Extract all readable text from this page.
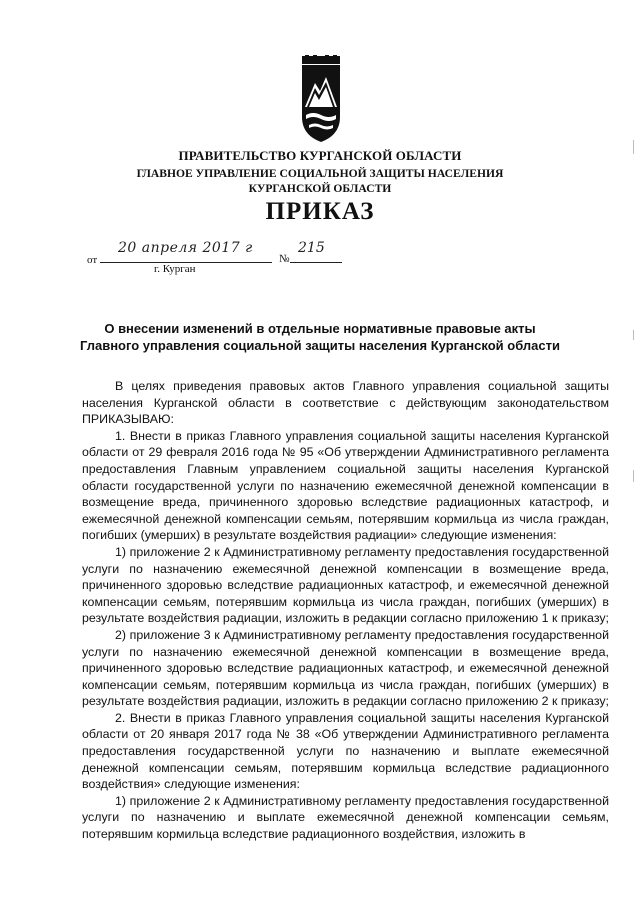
ПРАВИТЕЛЬСТВО КУРГАНСКОЙ ОБЛАСТИ
ГЛАВНОЕ УПРАВЛЕНИЕ СОЦИАЛЬНОЙ ЗАЩИТЫ НАСЕЛЕНИЯ
КУРГАНСКОЙ ОБЛАСТИ
ПРИКАЗ
от
20 апреля 2017 г
№
215
г. Курган
О внесении изменений в отдельные нормативные правовые акты
Главного управления социальной защиты населения Курганской области

В целях приведения правовых актов Главного управления социальной защиты населения Курганской области в соответствие с действующим законодательством ПРИКАЗЫВАЮ:

1. Внести в приказ Главного управления социальной защиты населения Курганской области от 29 февраля 2016 года № 95 «Об утверждении Административного регламента предоставления Главным управлением социальной защиты населения Курганской области государственной услуги по назначению ежемесячной денежной компенсации в возмещение вреда, причиненного здоровью вследствие радиационных катастроф, и ежемесячной денежной компенсации семьям, потерявшим кормильца из числа граждан, погибших (умерших) в результате воздействия радиации» следующие изменения:

1) приложение 2 к Административному регламенту предоставления государственной услуги по назначению ежемесячной денежной компенсации в возмещение вреда, причиненного здоровью вследствие радиационных катастроф, и ежемесячной денежной компенсации семьям, потерявшим кормильца из числа граждан, погибших (умерших) в результате воздействия радиации, изложить в редакции согласно приложению 1 к приказу;

2) приложение 3 к Административному регламенту предоставления государственной услуги по назначению ежемесячной денежной компенсации в возмещение вреда, причиненного здоровью вследствие радиационных катастроф, и ежемесячной денежной компенсации семьям, потерявшим кормильца из числа граждан, погибших (умерших) в результате воздействия радиации, изложить в редакции согласно приложению 2 к приказу;

2. Внести в приказ Главного управления социальной защиты населения Курганской области от 20 января 2017 года № 38 «Об утверждении Административного регламента предоставления государственной услуги по назначению и выплате ежемесячной денежной компенсации семьям, потерявшим кормильца вследствие радиационного воздействия» следующие изменения:

1) приложение 2 к Административному регламенту предоставления государственной услуги по назначению и выплате ежемесячной денежной компенсации семьям, потерявшим кормильца вследствие радиационного воздействия, изложить в
